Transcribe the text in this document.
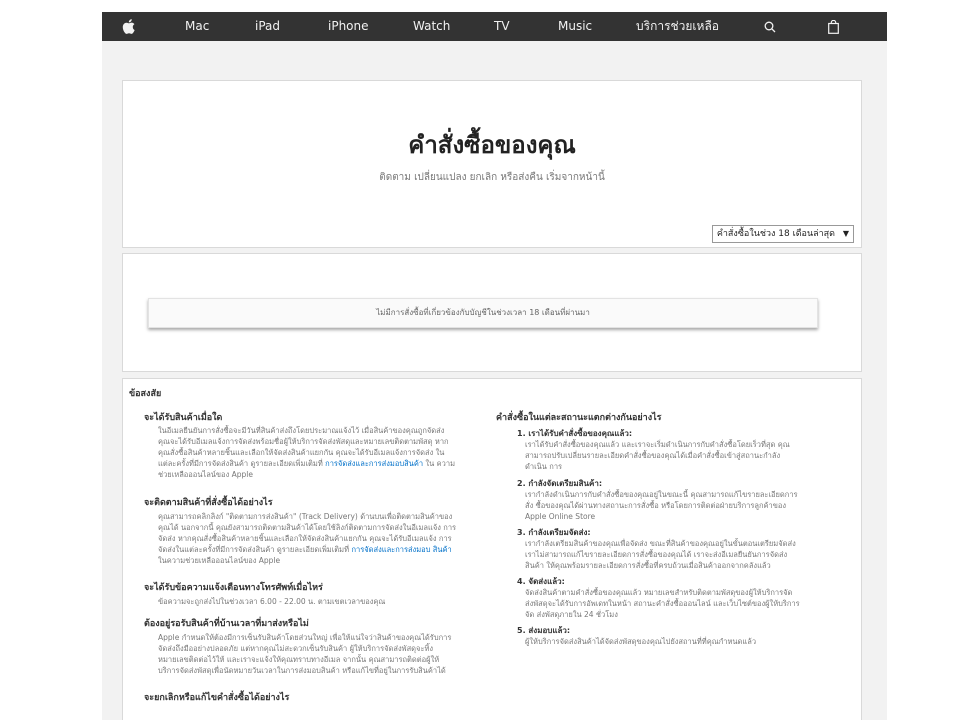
Mac	iPad	iPhone	Watch	TV	Music	บริการช่วยเหลือ
คำสั่งซื้อของคุณ
ติดตาม เปลี่ยนแปลง ยกเลิก หรือส่งคืน เริ่มจากหน้านี้
คำสั่งซื้อในช่วง 18 เดือนล่าสุด ▼
ไม่มีการสั่งซื้อที่เกี่ยวข้องกับบัญชีในช่วงเวลา 18 เดือนที่ผ่านมา
ข้อสงสัย
จะได้รับสินค้าเมื่อใด
ในอีเมลยืนยันการสั่งซื้อจะมีวันที่สินค้าส่งถึงโดยประมาณแจ้งไว้ เมื่อสินค้าของคุณถูกจัดส่ง คุณจะได้รับอีเมลแจ้งการจัดส่งพร้อมชื่อผู้ให้บริการจัดส่งพัสดุและหมายเลขติดตามพัสดุ หาก คุณสั่งซื้อสินค้าหลายชิ้นและเลือกให้จัดส่งสินค้าแยกกัน คุณจะได้รับอีเมลแจ้งการจัดส่ง ใน แต่ละครั้งที่มีการจัดส่งสินค้า ดูรายละเอียดเพิ่มเติมที่ การจัดส่งและการส่งมอบสินค้า ใน ความช่วยเหลือออนไลน์ของ Apple
จะติดตามสินค้าที่สั่งซื้อได้อย่างไร
คุณสามารถคลิกลิงก์ "ติดตามการส่งสินค้า" (Track Delivery) ด้านบนเพื่อติดตามสินค้าของ คุณได้ นอกจากนี้ คุณยังสามารถติดตามสินค้าได้โดยใช้ลิงก์ติดตามการจัดส่งในอีเมลแจ้ง การจัดส่ง หากคุณสั่งซื้อสินค้าหลายชิ้นและเลือกให้จัดส่งสินค้าแยกกัน คุณจะได้รับอีเมลแจ้ง การจัดส่งในแต่ละครั้งที่มีการจัดส่งสินค้า ดูรายละเอียดเพิ่มเติมที่ การจัดส่งและการส่งมอบ สินค้า ในความช่วยเหลือออนไลน์ของ Apple
จะได้รับข้อความแจ้งเตือนทางโทรศัพท์เมื่อไหร่
ข้อความจะถูกส่งไปในช่วงเวลา 6.00 - 22.00 น. ตามเขตเวลาของคุณ
ต้องอยู่รอรับสินค้าที่บ้านเวลาที่มาส่งหรือไม่
Apple กำหนดให้ต้องมีการเซ็นรับสินค้าโดยส่วนใหญ่ เพื่อให้แน่ใจว่าสินค้าของคุณได้รับการ จัดส่งถึงมืออย่างปลอดภัย แต่หากคุณไม่สะดวกเซ็นรับสินค้า ผู้ให้บริการจัดส่งพัสดุจะทิ้ง หมายเลขติดต่อไว้ให้ และเราจะแจ้งให้คุณทราบทางอีเมล จากนั้น คุณสามารถติดต่อผู้ให้ บริการจัดส่งพัสดุเพื่อนัดหมายวันเวลาในการส่งมอบสินค้า หรือแก้ไขที่อยู่ในการรับสินค้าได้
จะยกเลิกหรือแก้ไขคำสั่งซื้อได้อย่างไร
คำสั่งซื้อในแต่ละสถานะแตกต่างกันอย่างไร
1. เราได้รับคำสั่งซื้อของคุณแล้ว:
เราได้รับคำสั่งซื้อของคุณแล้ว และเราจะเริ่มดำเนินการกับคำสั่งซื้อโดยเร็วที่สุด คุณ สามารถปรับเปลี่ยนรายละเอียดคำสั่งซื้อของคุณได้เมื่อคำสั่งซื้อเข้าสู่สถานะกำลังดำเนิน การ
2. กำลังจัดเตรียมสินค้า:
เรากำลังดำเนินการกับคำสั่งซื้อของคุณอยู่ในขณะนี้ คุณสามารถแก้ไขรายละเอียดการสั่ง ซื้อของคุณได้ผ่านทางสถานะการสั่งซื้อ หรือโดยการติดต่อฝ่ายบริการลูกค้าของ Apple Online Store
3. กำลังเตรียมจัดส่ง:
เรากำลังเตรียมสินค้าของคุณเพื่อจัดส่ง ขณะที่สินค้าของคุณอยู่ในขั้นตอนเตรียมจัดส่ง เราไม่สามารถแก้ไขรายละเอียดการสั่งซื้อของคุณได้ เราจะส่งอีเมลยืนยันการจัดส่งสินค้า ให้คุณพร้อมรายละเอียดการสั่งซื้อที่ครบถ้วนเมื่อสินค้าออกจากคลังแล้ว
4. จัดส่งแล้ว:
จัดส่งสินค้าตามคำสั่งซื้อของคุณแล้ว หมายเลขสำหรับติดตามพัสดุของผู้ให้บริการจัด ส่งพัสดุจะได้รับการอัพเดทในหน้า สถานะคำสั่งซื้อออนไลน์ และเว็บไซต์ของผู้ให้บริการจัด ส่งพัสดุภายใน 24 ชั่วโมง
5. ส่งมอบแล้ว:
ผู้ให้บริการจัดส่งสินค้าได้จัดส่งพัสดุของคุณไปยังสถานที่ที่คุณกำหนดแล้ว
